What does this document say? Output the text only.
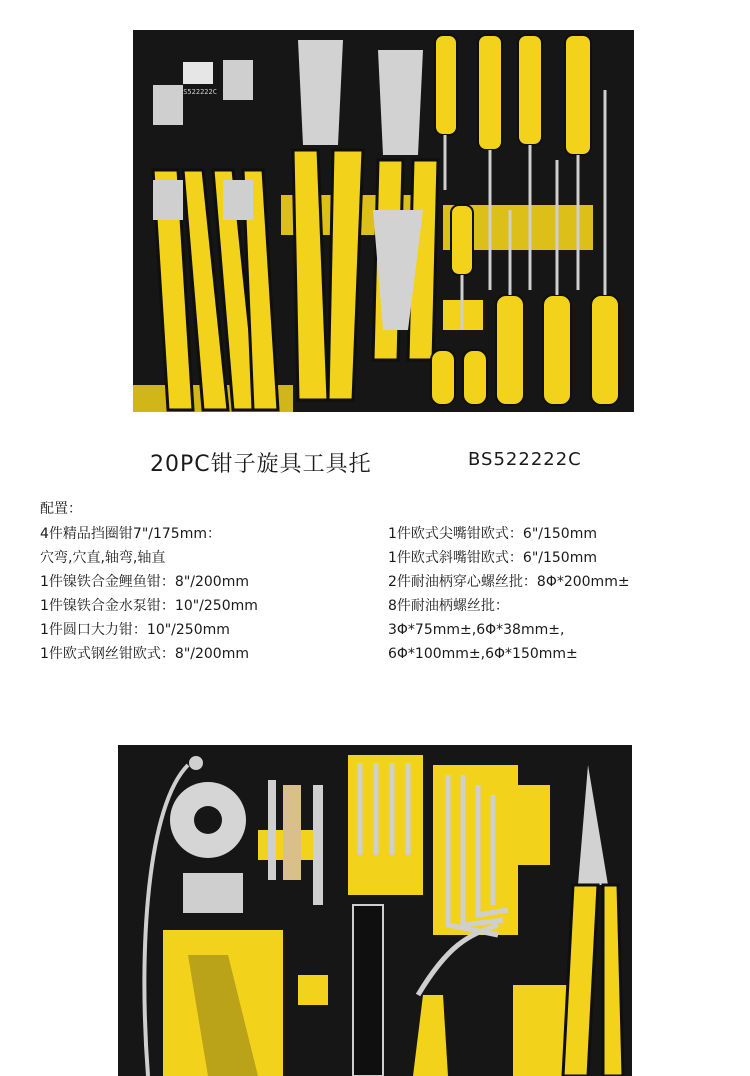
BS522222C
20PC钳子旋具工具托	BS522222C
配置：
4件精品挡圈钳7"/175mm：
穴弯,穴直,轴弯,轴直
1件镍铁合金鲤鱼钳：8"/200mm
1件镍铁合金水泵钳：10"/250mm
1件圆口大力钳：10"/250mm
1件欧式钢丝钳欧式：8"/200mm
1件欧式尖嘴钳欧式：6"/150mm
1件欧式斜嘴钳欧式：6"/150mm
2件耐油柄穿心螺丝批：8Φ*200mm±
8件耐油柄螺丝批：
3Φ*75mm±,6Φ*38mm±,
6Φ*100mm±,6Φ*150mm±
